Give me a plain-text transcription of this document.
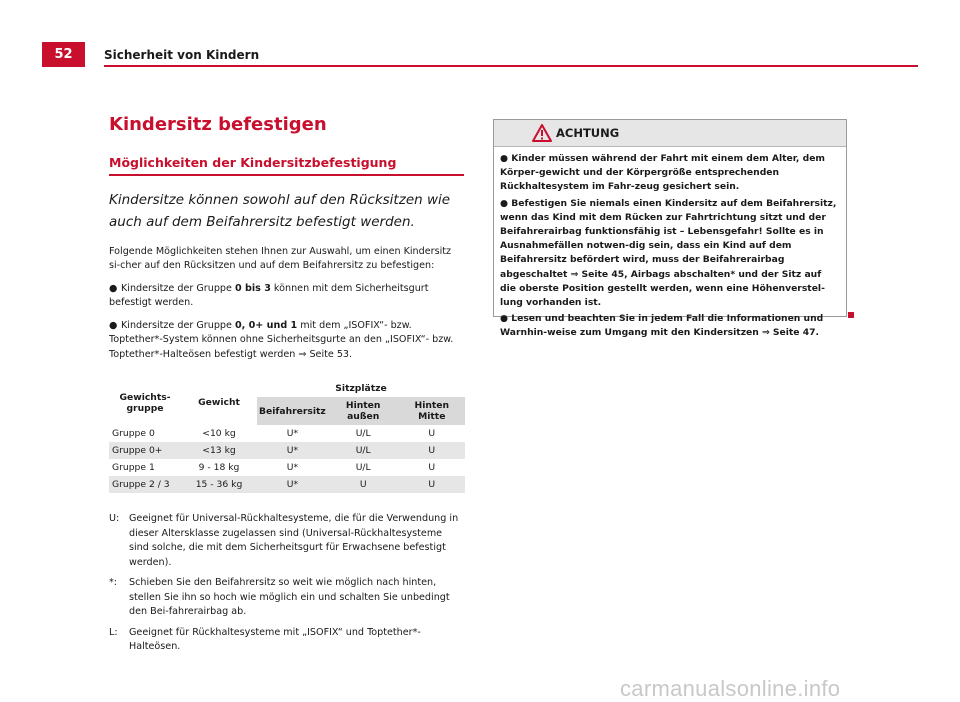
52	Sicherheit von Kindern
Kindersitz befestigen
Möglichkeiten der Kindersitzbefestigung

Kindersitze können sowohl auf den Rücksitzen wie auch auf dem Beifahrersitz befestigt werden.

Folgende Möglichkeiten stehen Ihnen zur Auswahl, um einen Kindersitz si-cher auf den Rücksitzen und auf dem Beifahrersitz zu befestigen:

● Kindersitze der Gruppe 0 bis 3 können mit dem Sicherheitsgurt befestigt werden.
● Kindersitze der Gruppe 0, 0+ und 1 mit dem „ISOFIX“- bzw. Toptether*-System können ohne Sicherheitsgurte an den „ISOFIX“- bzw. Toptether*-Halteösen befestigt werden ⇒ Seite 53.
Gewichts-gruppe	Gewicht	Sitzplätze		
		Beifahrersitz	Hinten außen	Hinten Mitte
Gruppe 0	<10 kg	U*	U/L	U
Gruppe 0+	<13 kg	U*	U/L	U
Gruppe 1	9 - 18 kg	U*	U/L	U
Gruppe 2 / 3	15 - 36 kg	U*	U	U
U:	Geeignet für Universal-Rückhaltesysteme, die für die Verwendung in dieser Altersklasse zugelassen sind (Universal-Rückhaltesysteme sind solche, die mit dem Sicherheitsgurt für Erwachsene befestigt werden).
*:	Schieben Sie den Beifahrersitz so weit wie möglich nach hinten, stellen Sie ihn so hoch wie möglich ein und schalten Sie unbedingt den Bei-fahrerairbag ab.
L:	Geeignet für Rückhaltesysteme mit „ISOFIX“ und Toptether*-Halteösen.
ACHTUNG
● Kinder müssen während der Fahrt mit einem dem Alter, dem Körper-gewicht und der Körpergröße entsprechenden Rückhaltesystem im Fahr-zeug gesichert sein.
● Befestigen Sie niemals einen Kindersitz auf dem Beifahrersitz, wenn das Kind mit dem Rücken zur Fahrtrichtung sitzt und der Beifahrerairbag funktionsfähig ist – Lebensgefahr! Sollte es in Ausnahmefällen notwen-dig sein, dass ein Kind auf dem Beifahrersitz befördert wird, muss der Beifahrerairbag abgeschaltet ⇒ Seite 45, Airbags abschalten* und der Sitz auf die oberste Position gestellt werden, wenn eine Höhenverstel-lung vorhanden ist.
● Lesen und beachten Sie in jedem Fall die Informationen und Warnhin-weise zum Umgang mit den Kindersitzen ⇒ Seite 47.
carmanualsonline.info
